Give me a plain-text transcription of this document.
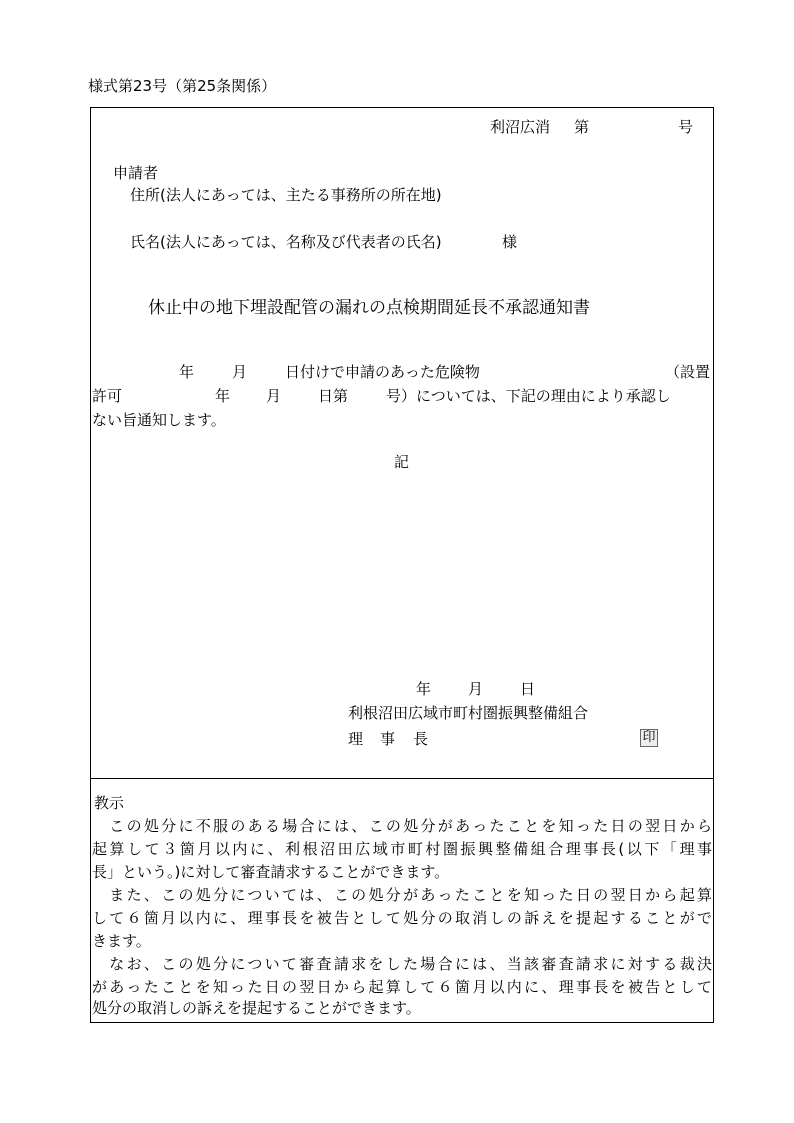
様式第23号（第25条関係）
利沼広消 第	号
申請者
住所(法人にあっては、主たる事務所の所在地)
氏名(法人にあっては、名称及び代表者の氏名)	様
休止中の地下埋設配管の漏れの点検期間延長不承認通知書
年	月	日付けで申請のあった危険物	（設置
許可	年 月 日第	号）については、下記の理由により承認し
ない旨通知します。
記
年 月 日
利根沼田広域市町村圏振興整備組合
理 事 長	印
教示
　この処分に不服のある場合には、この処分があったことを知った日の翌日から
起算して３箇月以内に、利根沼田広域市町村圏振興整備組合理事長(以下「理事
長」という。)に対して審査請求することができます。
　また、この処分については、この処分があったことを知った日の翌日から起算
して６箇月以内に、理事長を被告として処分の取消しの訴えを提起することがで
きます。
　なお、この処分について審査請求をした場合には、当該審査請求に対する裁決
があったことを知った日の翌日から起算して６箇月以内に、理事長を被告として
処分の取消しの訴えを提起することができます。
